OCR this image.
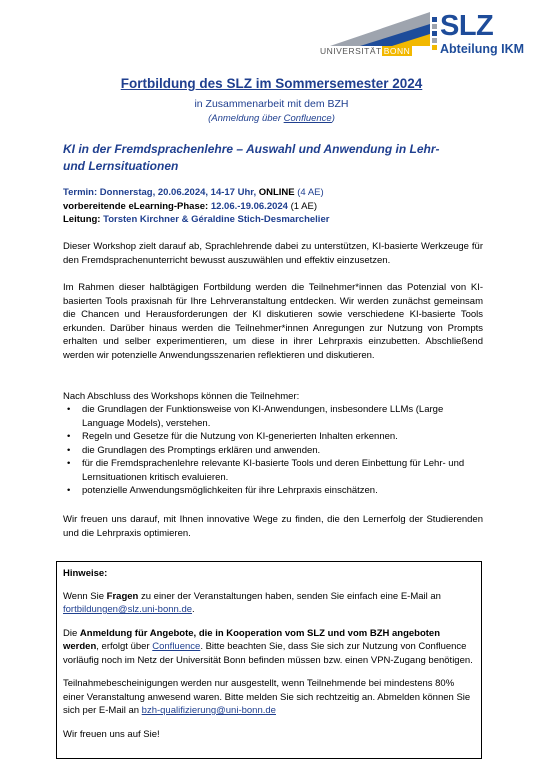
UNIVERSITÄT BONN
SLZ
Abteilung IKM
Fortbildung des SLZ im Sommersemester 2024
in Zusammenarbeit mit dem BZH
(Anmeldung über Confluence)
KI in der Fremdsprachenlehre – Auswahl und Anwendung in Lehr- und Lernsituationen
Termin: Donnerstag, 20.06.2024, 14-17 Uhr, ONLINE (4 AE)
vorbereitende eLearning-Phase: 12.06.-19.06.2024 (1 AE)
Leitung: Torsten Kirchner & Géraldine Stich-Desmarchelier
Dieser Workshop zielt darauf ab, Sprachlehrende dabei zu unterstützen, KI-basierte Werkzeuge für den Fremdsprachenunterricht bewusst auszuwählen und effektiv einzusetzen.
Im Rahmen dieser halbtägigen Fortbildung werden die Teilnehmer*innen das Potenzial von KI-basierten Tools praxisnah für Ihre Lehrveranstaltung entdecken. Wir werden zunächst gemeinsam die Chancen und Herausforderungen der KI diskutieren sowie verschiedene KI-basierte Tools erkunden. Darüber hinaus werden die Teilnehmer*innen Anregungen zur Nutzung von Prompts erhalten und selber experimentieren, um diese in ihrer Lehrpraxis einzubetten. Abschließend werden wir potenzielle Anwendungsszenarien reflektieren und diskutieren.
Nach Abschluss des Workshops können die Teilnehmer:
• die Grundlagen der Funktionsweise von KI-Anwendungen, insbesondere LLMs (Large Language Models), verstehen.
• Regeln und Gesetze für die Nutzung von KI-generierten Inhalten erkennen.
• die Grundlagen des Promptings erklären und anwenden.
• für die Fremdsprachenlehre relevante KI-basierte Tools und deren Einbettung für Lehr- und Lernsituationen kritisch evaluieren.
• potenzielle Anwendungsmöglichkeiten für ihre Lehrpraxis einschätzen.
Wir freuen uns darauf, mit Ihnen innovative Wege zu finden, die den Lernerfolg der Studierenden und die Lehrpraxis optimieren.

Hinweise:

Wenn Sie Fragen zu einer der Veranstaltungen haben, senden Sie einfach eine E-Mail an fortbildungen@slz.uni-bonn.de.

Die Anmeldung für Angebote, die in Kooperation vom SLZ und vom BZH angeboten werden, erfolgt über Confluence. Bitte beachten Sie, dass Sie sich zur Nutzung von Confluence vorläufig noch im Netz der Universität Bonn befinden müssen bzw. einen VPN-Zugang benötigen.

Teilnahmebescheinigungen werden nur ausgestellt, wenn Teilnehmende bei mindestens 80% einer Veranstaltung anwesend waren. Bitte melden Sie sich rechtzeitig an. Abmelden können Sie sich per E-Mail an bzh-qualifizierung@uni-bonn.de

Wir freuen uns auf Sie!
